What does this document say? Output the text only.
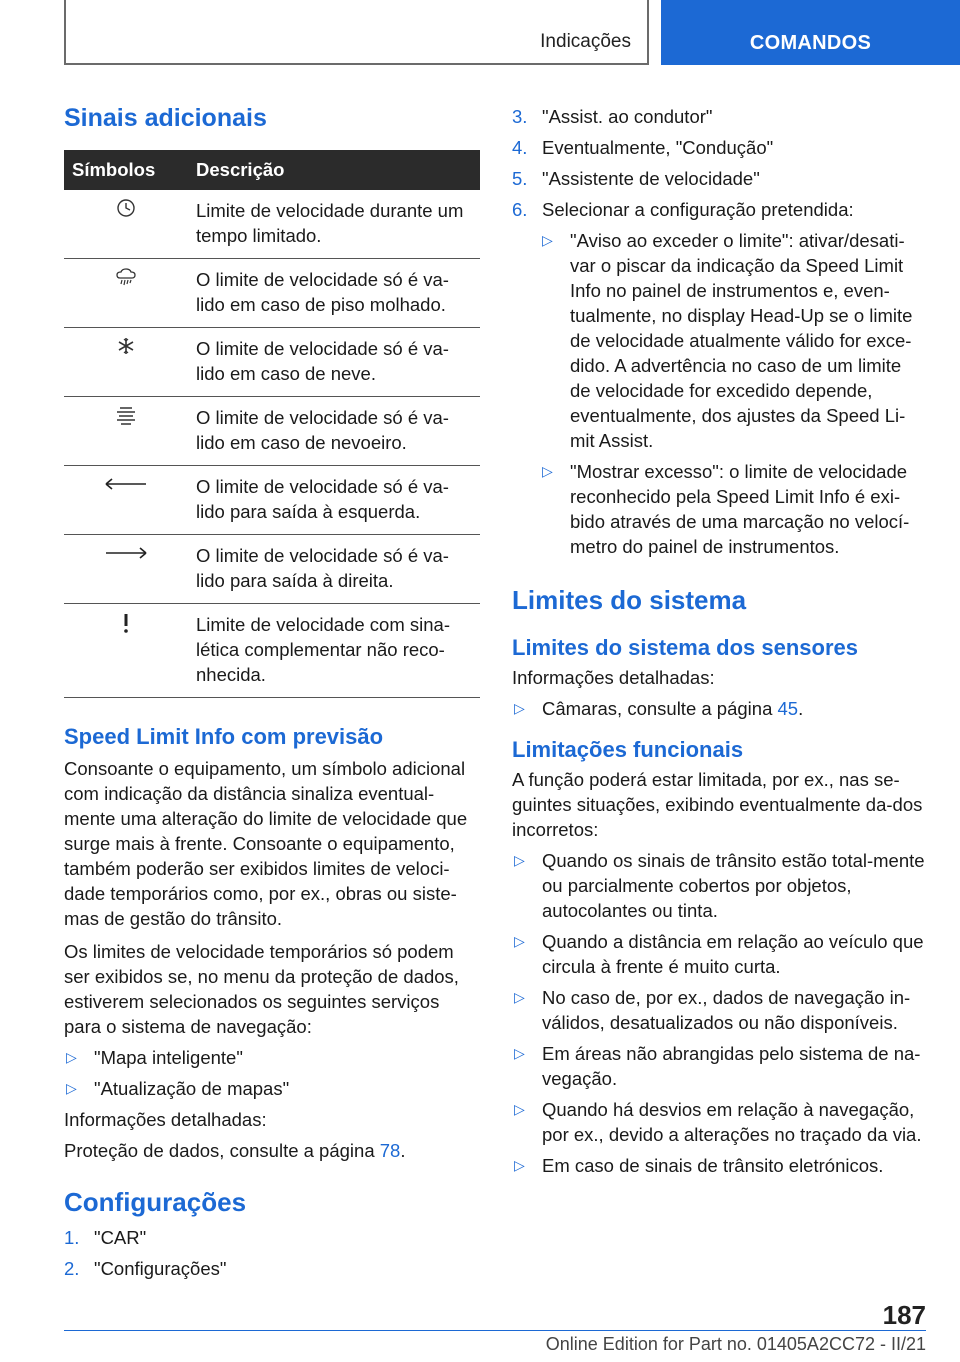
Indicações	COMANDOS
Sinais adicionais
Símbolos	Descrição
	Limite de velocidade durante um tempo limitado.
	O limite de velocidade só é va-lido em caso de piso molhado.
	O limite de velocidade só é va-lido em caso de neve.
	O limite de velocidade só é va-lido em caso de nevoeiro.
	O limite de velocidade só é va-lido para saída à esquerda.
	O limite de velocidade só é va-lido para saída à direita.
	Limite de velocidade com sina-lética complementar não reco-nhecida.
Speed Limit Info com previsão

Consoante o equipamento, um símbolo adicional com indicação da distância sinaliza eventual-mente uma alteração do limite de velocidade que surge mais à frente. Consoante o equipamento, também poderão ser exibidos limites de veloci-dade temporários como, por ex., obras ou siste-mas de gestão do trânsito.

Os limites de velocidade temporários só podem ser exibidos se, no menu da proteção de dados, estiverem selecionados os seguintes serviços para o sistema de navegação:

▷ "Mapa inteligente"
▷ "Atualização de mapas"

Informações detalhadas:

Proteção de dados, consulte a página 78.

Configurações
1. "CAR"
2. "Configurações"
3. "Assist. ao condutor"
4. Eventualmente, "Condução"
5. "Assistente de velocidade"
6. Selecionar a configuração pretendida:
▷ "Aviso ao exceder o limite": ativar/desati-var o piscar da indicação da Speed Limit Info no painel de instrumentos e, even-tualmente, no display Head-Up se o limite de velocidade atualmente válido for exce-dido. A advertência no caso de um limite de velocidade for excedido depende, eventualmente, dos ajustes da Speed Li-mit Assist.
▷ "Mostrar excesso": o limite de velocidade reconhecido pela Speed Limit Info é exi-bido através de uma marcação no velocí-metro do painel de instrumentos.
Limites do sistema
Limites do sistema dos sensores

Informações detalhadas:

▷ Câmaras, consulte a página 45.
Limitações funcionais

A função poderá estar limitada, por ex., nas se-guintes situações, exibindo eventualmente da-dos incorretos:

▷ Quando os sinais de trânsito estão total-mente ou parcialmente cobertos por objetos, autocolantes ou tinta.
▷ Quando a distância em relação ao veículo que circula à frente é muito curta.
▷ No caso de, por ex., dados de navegação in-válidos, desatualizados ou não disponíveis.
▷ Em áreas não abrangidas pelo sistema de na-vegação.
▷ Quando há desvios em relação à navegação, por ex., devido a alterações no traçado da via.
▷ Em caso de sinais de trânsito eletrónicos.
187
Online Edition for Part no. 01405A2CC72 - II/21
